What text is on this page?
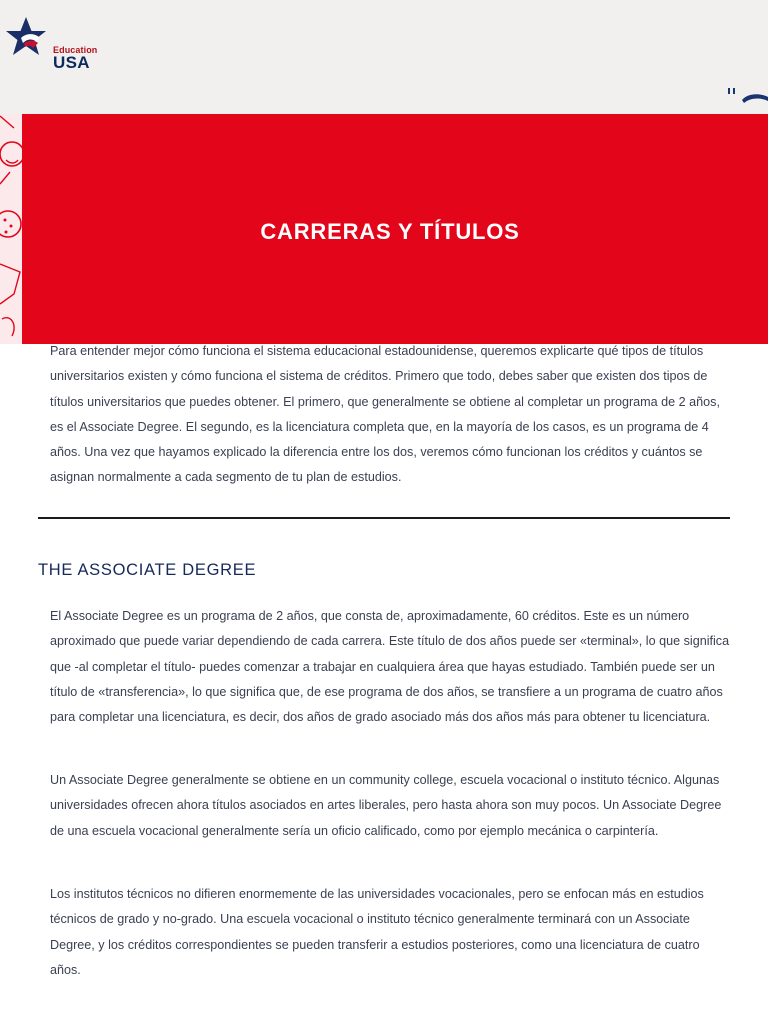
Education
USA
CARRERAS Y TÍTULOS

Para entender mejor cómo funciona el sistema educacional estadounidense, queremos explicarte qué tipos de títulos universitarios existen y cómo funciona el sistema de créditos. Primero que todo, debes saber que existen dos tipos de títulos universitarios que puedes obtener. El primero, que generalmente se obtiene al completar un programa de 2 años, es el Associate Degree. El segundo, es la licenciatura completa que, en la mayoría de los casos, es un programa de 4 años. Una vez que hayamos explicado la diferencia entre los dos, veremos cómo funcionan los créditos y cuántos se asignan normalmente a cada segmento de tu plan de estudios.

THE ASSOCIATE DEGREE

El Associate Degree es un programa de 2 años, que consta de, aproximadamente, 60 créditos. Este es un número aproximado que puede variar dependiendo de cada carrera. Este título de dos años puede ser «terminal», lo que significa que -al completar el título- puedes comenzar a trabajar en cualquiera área que hayas estudiado. También puede ser un título de «transferencia», lo que significa que, de ese programa de dos años, se transfiere a un programa de cuatro años para completar una licenciatura, es decir, dos años de grado asociado más dos años más para obtener tu licenciatura.

Un Associate Degree generalmente se obtiene en un community college, escuela vocacional o instituto técnico. Algunas universidades ofrecen ahora títulos asociados en artes liberales, pero hasta ahora son muy pocos. Un Associate Degree de una escuela vocacional generalmente sería un oficio calificado, como por ejemplo mecánica o carpintería.

Los institutos técnicos no difieren enormemente de las universidades vocacionales, pero se enfocan más en estudios técnicos de grado y no-grado. Una escuela vocacional o instituto técnico generalmente terminará con un Associate Degree, y los créditos correspondientes se pueden transferir a estudios posteriores, como una licenciatura de cuatro años.
